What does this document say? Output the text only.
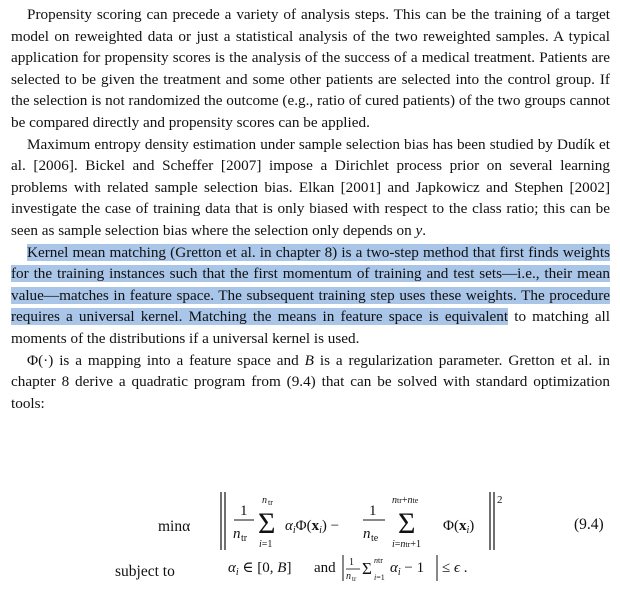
Propensity scoring can precede a variety of analysis steps. This can be the training of a target model on reweighted data or just a statistical analysis of the two reweighted samples. A typical application for propensity scores is the analysis of the success of a medical treatment. Patients are selected to be given the treatment and some other patients are selected into the control group. If the selection is not randomized the outcome (e.g., ratio of cured patients) of the two groups cannot be compared directly and propensity scores can be applied.

Maximum entropy density estimation under sample selection bias has been studied by Dudík et al. [2006]. Bickel and Scheffer [2007] impose a Dirichlet process prior on several learning problems with related sample selection bias. Elkan [2001] and Japkowicz and Stephen [2002] investigate the case of training data that is only biased with respect to the class ratio; this can be seen as sample selection bias where the selection only depends on y.

Kernel mean matching (Gretton et al. in chapter 8) is a two-step method that first finds weights for the training instances such that the first momentum of training and test sets—i.e., their mean value—matches in feature space. The subsequent training step uses these weights. The procedure requires a universal kernel. Matching the means in feature space is equivalent to matching all moments of the distributions if a universal kernel is used.

Φ(·) is a mapping into a feature space and B is a regularization parameter. Gretton et al. in chapter 8 derive a quadratic program from (9.4) that can be solved with standard optimization tools:

minα	(9.4)
subject to
2
1
n tr
n tr
Σ
i=1
$\alpha_i\Phi(x_i)$ −
1
n te
ntr+nte
Σ
i=ntr+1
$\Phi(x_i)$
$\alpha_i$ ∈ [0, B] and 1
n tr
Σ ntr
i=1
$\alpha_i - 1 \le \epsilon$ .
